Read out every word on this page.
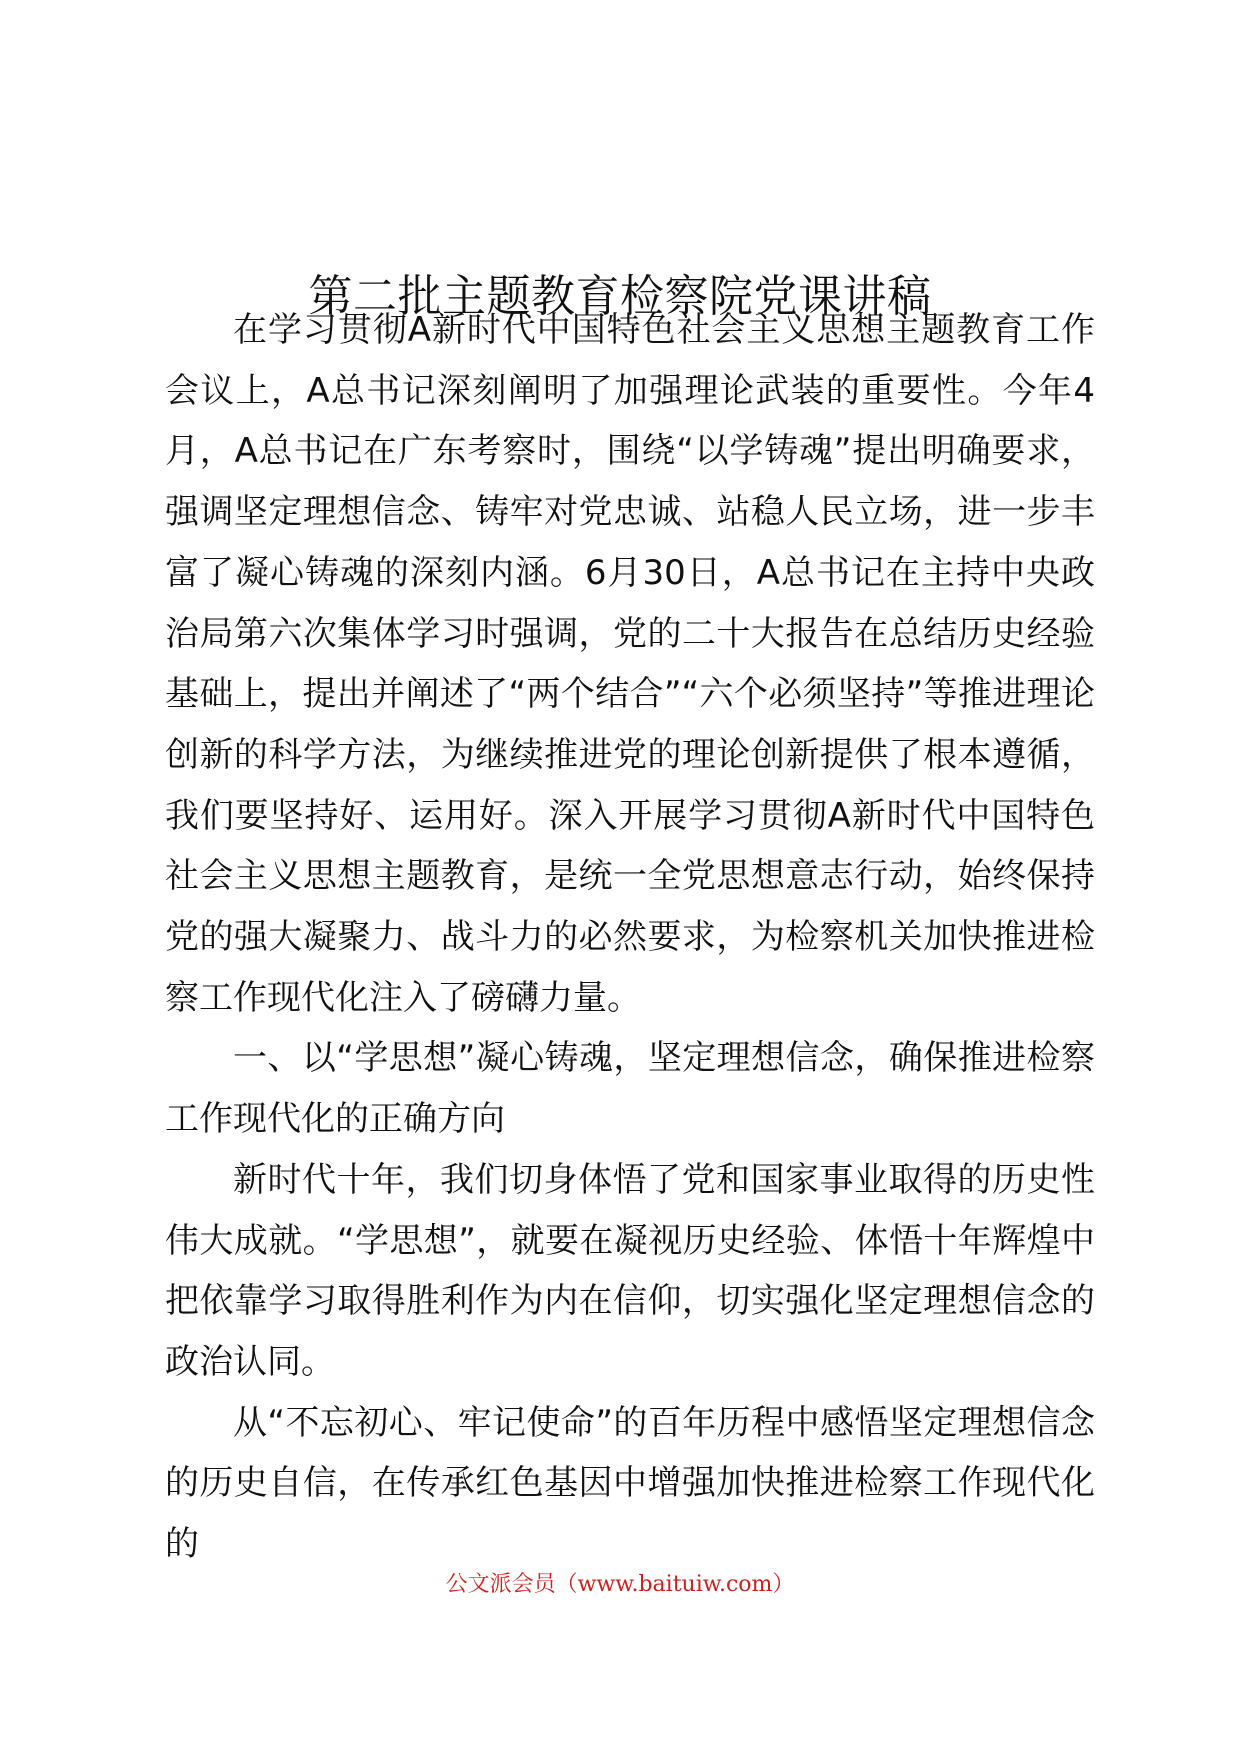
第二批主题教育检察院党课讲稿

在学习贯彻A新时代中国特色社会主义思想主题教育工作会议上，A总书记深刻阐明了加强理论武装的重要性。今年4月，A总书记在广东考察时，围绕“以学铸魂”提出明确要求，强调坚定理想信念、铸牢对党忠诚、站稳人民立场，进一步丰富了凝心铸魂的深刻内涵。6月30日，A总书记在主持中央政治局第六次集体学习时强调，党的二十大报告在总结历史经验基础上，提出并阐述了“两个结合”“六个必须坚持”等推进理论创新的科学方法，为继续推进党的理论创新提供了根本遵循，我们要坚持好、运用好。深入开展学习贯彻A新时代中国特色社会主义思想主题教育，是统一全党思想意志行动，始终保持党的强大凝聚力、战斗力的必然要求，为检察机关加快推进检察工作现代化注入了磅礴力量。

一、以“学思想”凝心铸魂，坚定理想信念，确保推进检察工作现代化的正确方向

新时代十年，我们切身体悟了党和国家事业取得的历史性伟大成就。“学思想”，就要在凝视历史经验、体悟十年辉煌中把依靠学习取得胜利作为内在信仰，切实强化坚定理想信念的政治认同。

从“不忘初心、牢记使命”的百年历程中感悟坚定理想信念的历史自信，在传承红色基因中增强加快推进检察工作现代化的

公文派会员（www.baituiw.com）
